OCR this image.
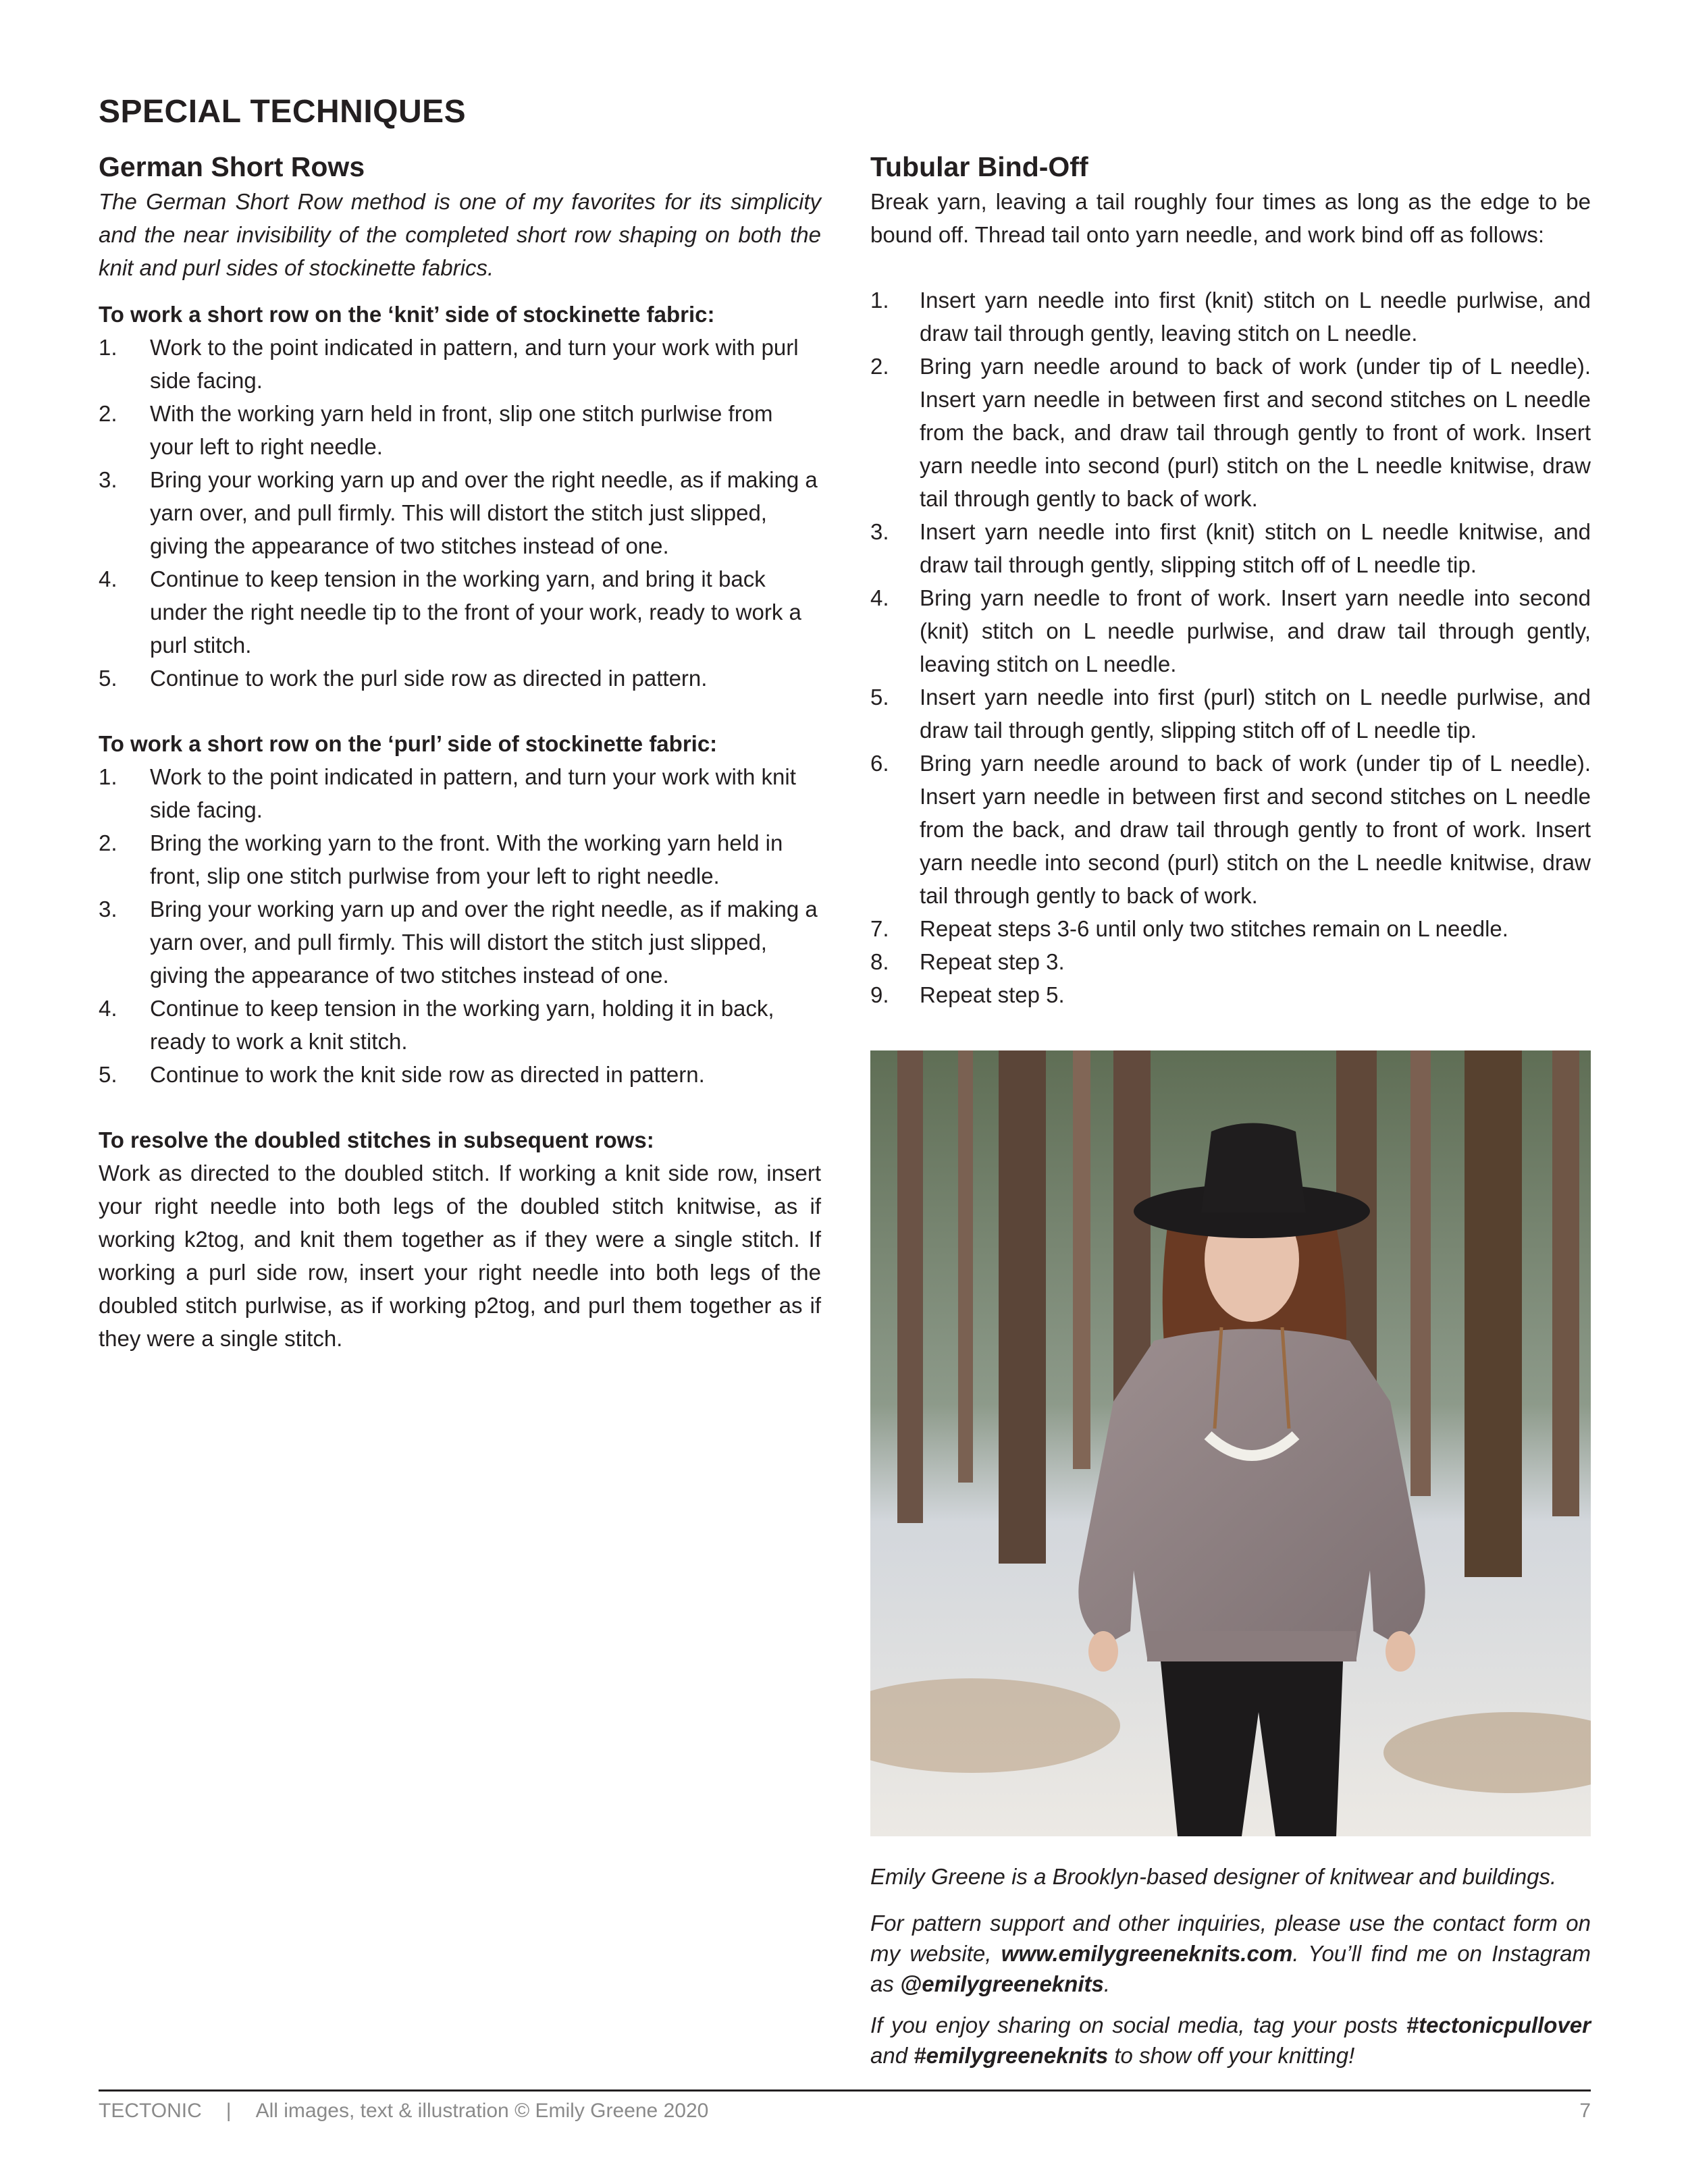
SPECIAL TECHNIQUES
German Short Rows

The German Short Row method is one of my favorites for its simplicity and the near invisibility of the completed short row shaping on both the knit and purl sides of stockinette fabrics.

To work a short row on the ‘knit’ side of stockinette fabric:

1.	Work to the point indicated in pattern, and turn your work with purl side facing.
2.	With the working yarn held in front, slip one stitch purlwise from your left to right needle.
3.	Bring your working yarn up and over the right needle, as if making a yarn over, and pull firmly. This will distort the stitch just slipped, giving the appearance of two stitches instead of one.
4.	Continue to keep tension in the working yarn, and bring it back under the right needle tip to the front of your work, ready to work a purl stitch.
5.	Continue to work the purl side row as directed in pattern.

To work a short row on the ‘purl’ side of stockinette fabric:

1.	Work to the point indicated in pattern, and turn your work with knit side facing.
2.	Bring the working yarn to the front. With the working yarn held in front, slip one stitch purlwise from your left to right needle.
3.	Bring your working yarn up and over the right needle, as if making a yarn over, and pull firmly. This will distort the stitch just slipped, giving the appearance of two stitches instead of one.
4.	Continue to keep tension in the working yarn, holding it in back, ready to work a knit stitch.
5.	Continue to work the knit side row as directed in pattern.

To resolve the doubled stitches in subsequent rows:

Work as directed to the doubled stitch. If working a knit side row, insert your right needle into both legs of the doubled stitch knitwise, as if working k2tog, and knit them together as if they were a single stitch. If working a purl side row, insert your right needle into both legs of the doubled stitch purlwise, as if working p2tog, and purl them together as if they were a single stitch.

Tubular Bind-Off

Break yarn, leaving a tail roughly four times as long as the edge to be bound off. Thread tail onto yarn needle, and work bind off as follows:

1.	Insert yarn needle into first (knit) stitch on L needle purlwise, and draw tail through gently, leaving stitch on L needle.
2.	Bring yarn needle around to back of work (under tip of L needle). Insert yarn needle in between first and second stitches on L needle from the back, and draw tail through gently to front of work. Insert yarn needle into second (purl) stitch on the L needle knitwise, draw tail through gently to back of work.
3.	Insert yarn needle into first (knit) stitch on L needle knitwise, and draw tail through gently, slipping stitch off of L needle tip.
4.	Bring yarn needle to front of work. Insert yarn needle into second (knit) stitch on L needle purlwise, and draw tail through gently, leaving stitch on L needle.
5.	Insert yarn needle into first (purl) stitch on L needle purlwise, and draw tail through gently, slipping stitch off of L needle tip.
6.	Bring yarn needle around to back of work (under tip of L needle). Insert yarn needle in between first and second stitches on L needle from the back, and draw tail through gently to front of work. Insert yarn needle into second (purl) stitch on the L needle knitwise, draw tail through gently to back of work.
7.	Repeat steps 3-6 until only two stitches remain on L needle.
8.	Repeat step 3.
9.	Repeat step 5.

Emily Greene is a Brooklyn-based designer of knitwear and buildings.

For pattern support and other inquiries, please use the contact form on my website, www.emilygreeneknits.com. You’ll find me on Instagram as @emilygreeneknits.

If you enjoy sharing on social media, tag your posts #tectonicpullover and #emilygreeneknits to show off your knitting!

TECTONIC | All images, text & illustration © Emily Greene 2020	7
